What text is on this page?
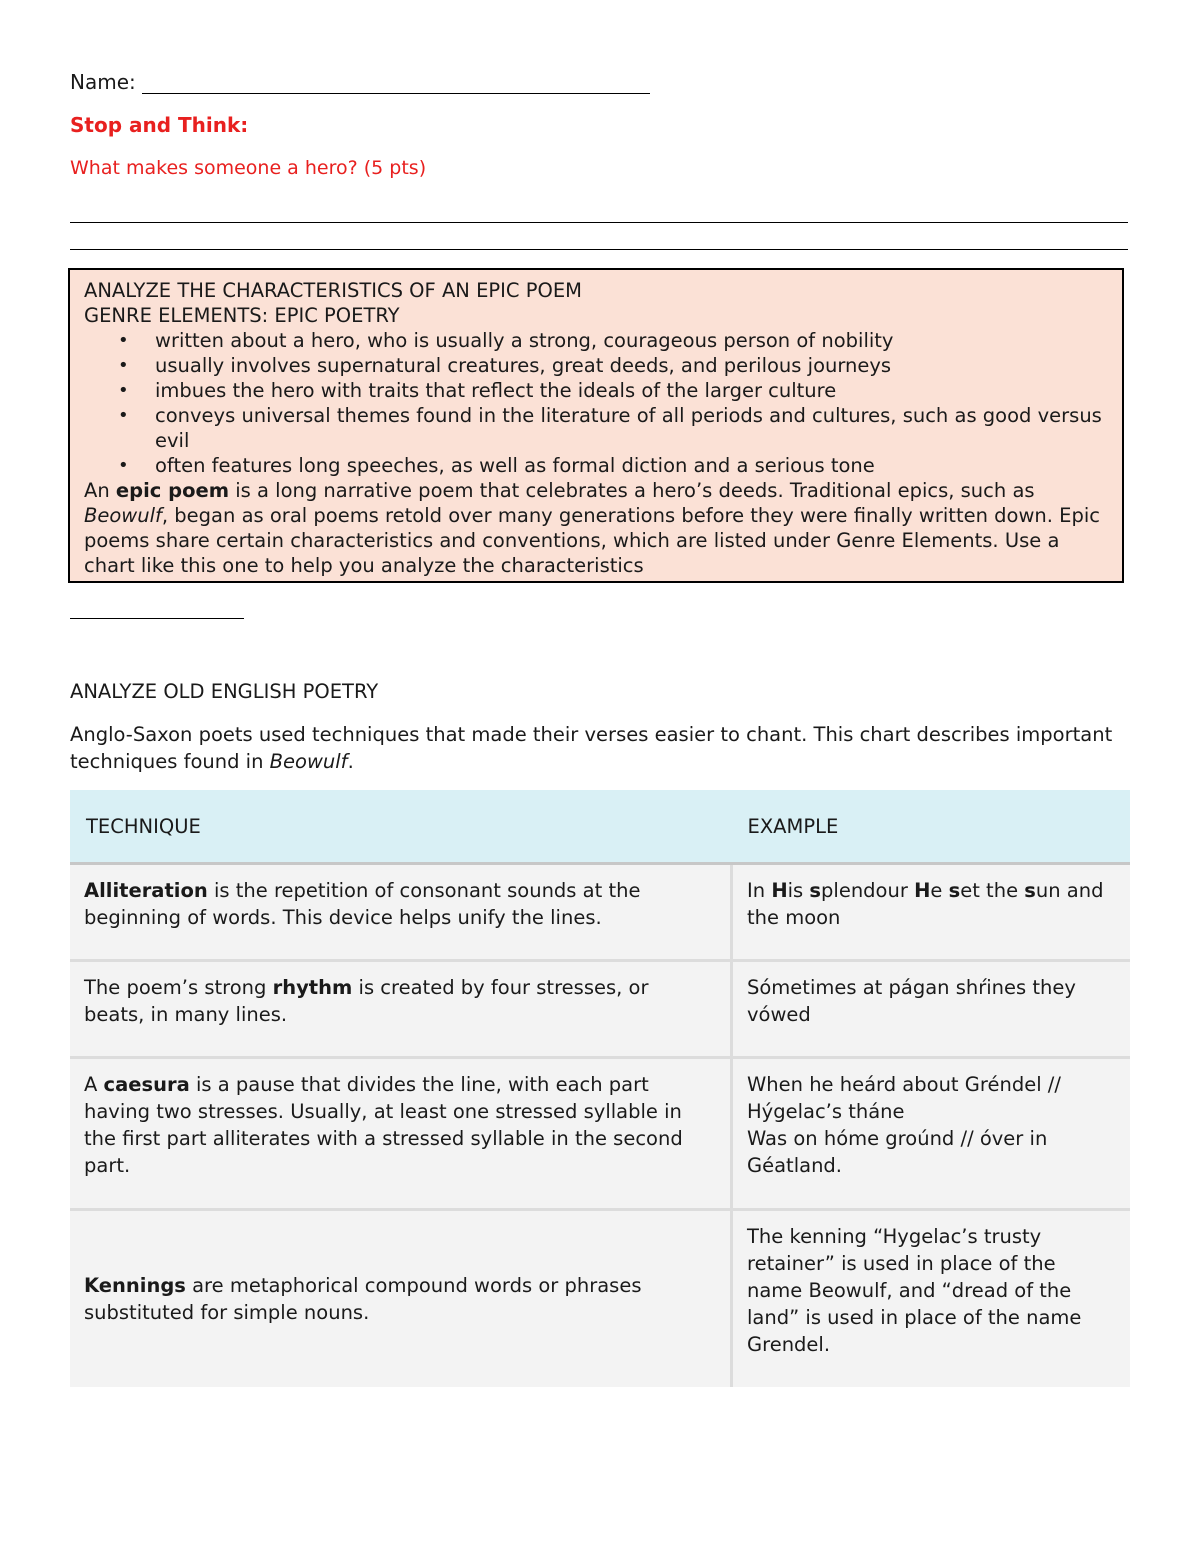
Name:
Stop and Think:
What makes someone a hero? (5 pts)
ANALYZE THE CHARACTERISTICS OF AN EPIC POEM
GENRE ELEMENTS: EPIC POETRY
• written about a hero, who is usually a strong, courageous person of nobility
• usually involves supernatural creatures, great deeds, and perilous journeys
• imbues the hero with traits that reflect the ideals of the larger culture
• conveys universal themes found in the literature of all periods and cultures, such as good versus evil
• often features long speeches, as well as formal diction and a serious tone

An epic poem is a long narrative poem that celebrates a hero’s deeds. Traditional epics, such as Beowulf, began as oral poems retold over many generations before they were finally written down. Epic poems share certain characteristics and conventions, which are listed under Genre Elements. Use a chart like this one to help you analyze the characteristics

ANALYZE OLD ENGLISH POETRY
Anglo-Saxon poets used techniques that made their verses easier to chant. This chart describes important techniques found in Beowulf.
TECHNIQUE	EXAMPLE
Alliteration is the repetition of consonant sounds at the beginning of words. This device helps unify the lines.	In His splendour He set the sun and the moon
The poem’s strong rhythm is created by four stresses, or beats, in many lines.	Sómetimes at págan shŕines they vówed
A caesura is a pause that divides the line, with each part having two stresses. Usually, at least one stressed syllable in the first part alliterates with a stressed syllable in the second part.	When he heárd about Gréndel // Hýgelac’s tháne
Was on hóme groúnd // óver in Géatland.

Kennings are metaphorical compound words or phrases substituted for simple nouns.	The kenning “Hygelac’s trusty retainer” is used in place of the name Beowulf, and “dread of the land” is used in place of the name Grendel.
